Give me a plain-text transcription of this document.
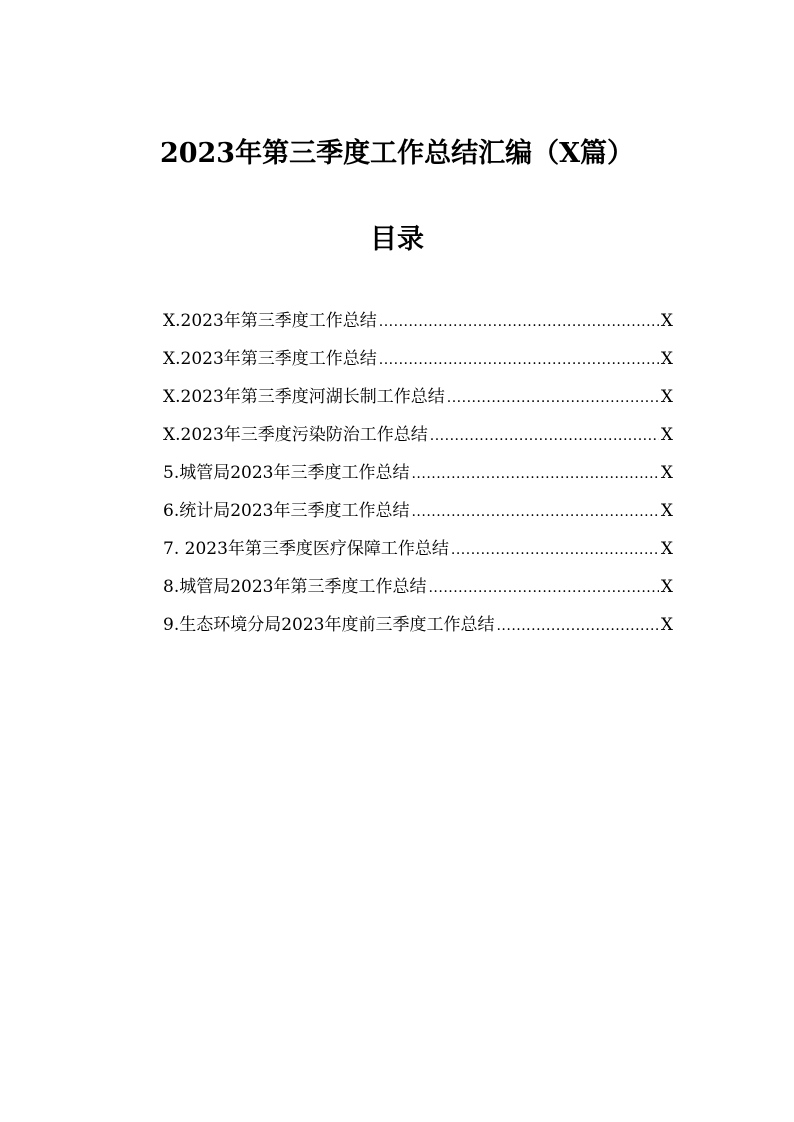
2023年第三季度工作总结汇编（X篇）
目录
X.2023年第三季度工作总结 .....	X
X.2023年第三季度工作总结 .....	X
X.2023年第三季度河湖长制工作总结 .....	X
X.2023年三季度污染防治工作总结 .....	X
5.城管局2023年三季度工作总结 .....	X
6.统计局2023年三季度工作总结 .....	X
7. 2023年第三季度医疗保障工作总结 .....	X
8.城管局2023年第三季度工作总结 .....	X
9.生态环境分局2023年度前三季度工作总结 .....	X
